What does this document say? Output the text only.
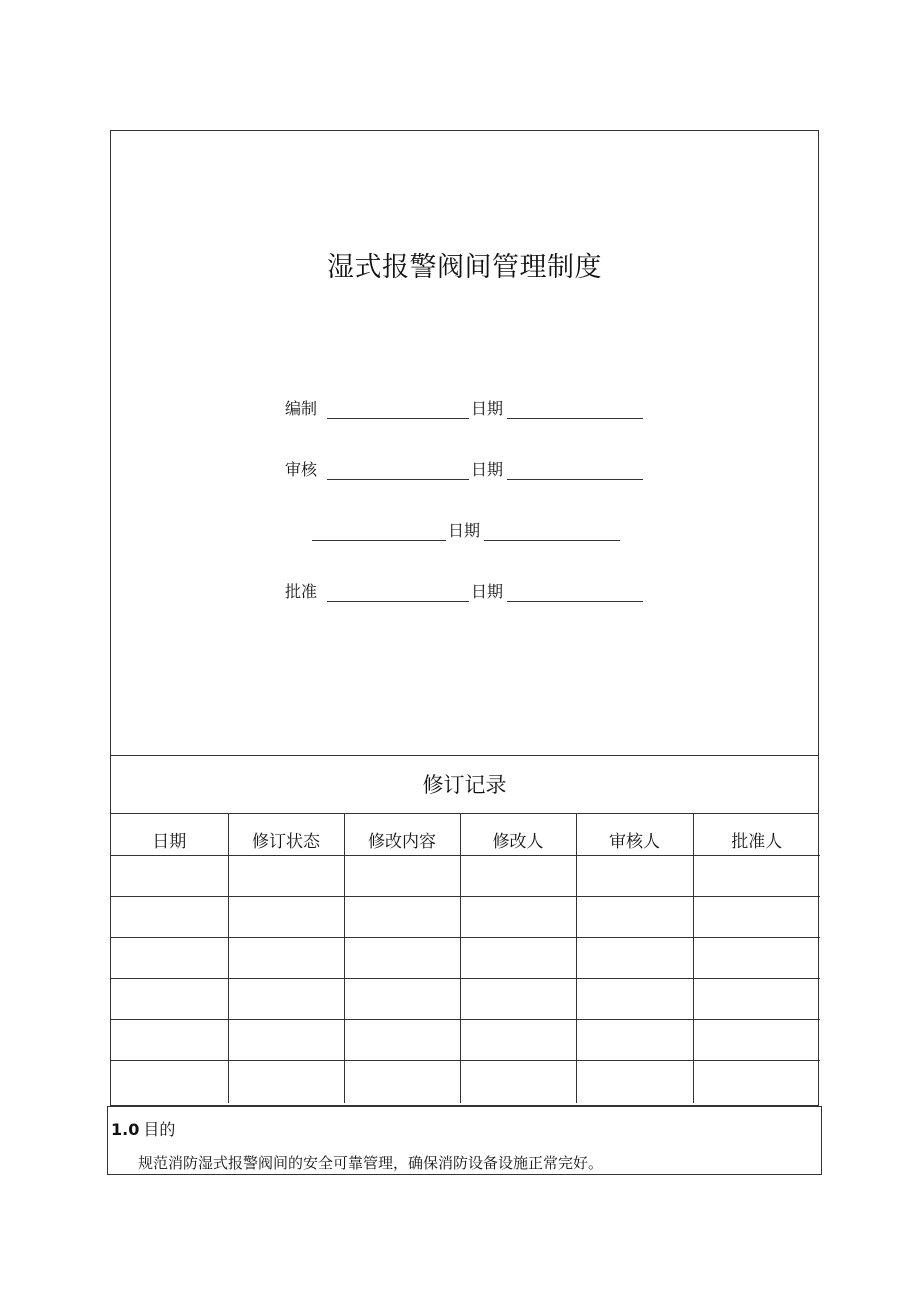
湿式报警阀间管理制度
编制	日期
审核	日期
日期
批准	日期
修订记录
日期	修订状态	修改内容	修改人	审核人	批准人

1.0 目的
规范消防湿式报警阀间的安全可靠管理，确保消防设备设施正常完好。
